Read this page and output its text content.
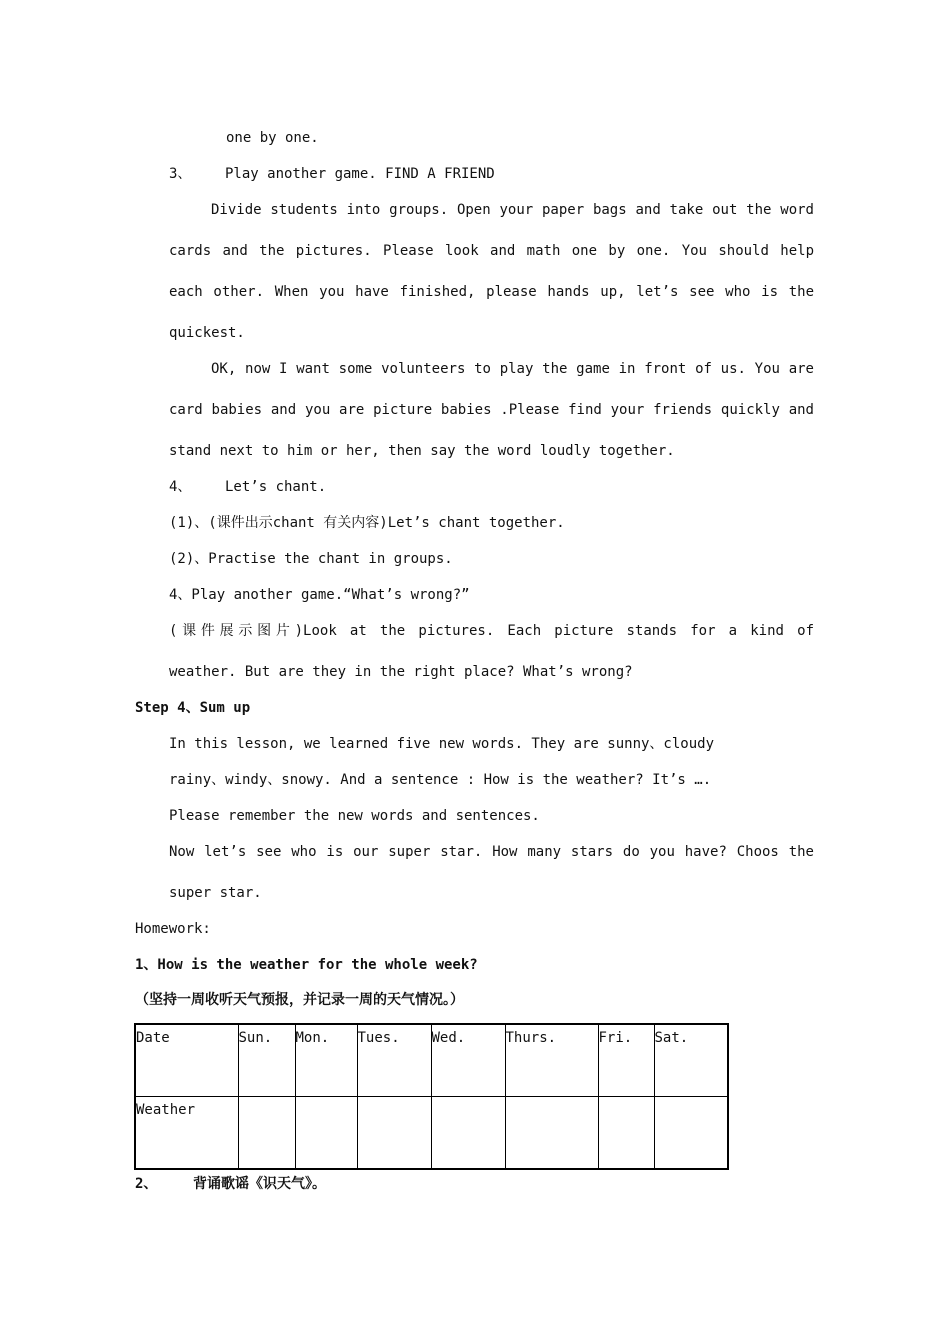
one by one.

3、 Play another game. FIND A FRIEND

Divide students into groups. Open your paper bags and take out the word

cards and the pictures. Please look and math one by one. You should help

each other. When you have finished, please hands up, let’s see who is the

quickest.

OK, now I want some volunteers to play the game in front of us. You are

card babies and you are picture babies .Please find your friends quickly and

stand next to him or her, then say the word loudly together.

4、 Let’s chant.

(1)、(课件出示chant 有关内容)Let’s chant together.

(2)、Practise the chant in groups.

4、Play another game.“What’s wrong?”

(课件展示图片)Look at the pictures. Each picture stands for a kind of

weather. But are they in the right place? What’s wrong?

Step 4、Sum up

In this lesson, we learned five new words. They are sunny、cloudy

rainy、windy、snowy. And a sentence : How is the weather? It’s ….

Please remember the new words and sentences.

Now let’s see who is our super star. How many stars do you have? Choos the

super star.

Homework:

1、How is the weather for the whole week?

（坚持一周收听天气预报，并记录一周的天气情况。）

Date	Sun.	Mon.	Tues.	Wed.	Thurs.	Fri.	Sat.
Weather							

2、	背诵歌谣《识天气》。
